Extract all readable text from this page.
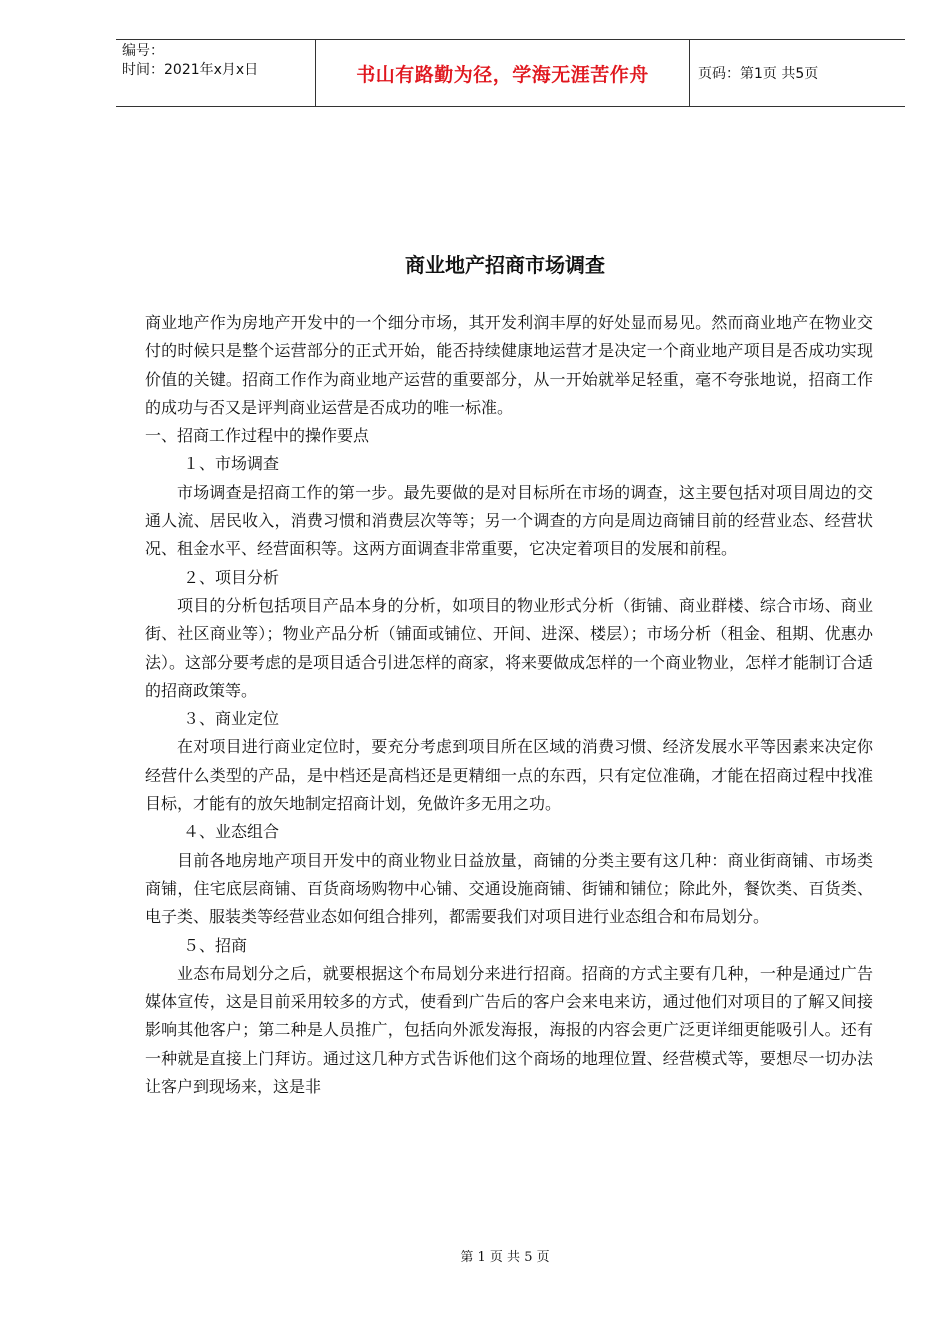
编号：
时间：2021年x月x日	书山有路勤为径，学海无涯苦作舟	页码：第1页 共5页
商业地产招商市场调查

商业地产作为房地产开发中的一个细分市场，其开发利润丰厚的好处显而易见。然而商业地产在物业交付的时候只是整个运营部分的正式开始，能否持续健康地运营才是决定一个商业地产项目是否成功实现价值的关键。招商工作作为商业地产运营的重要部分，从一开始就举足轻重，毫不夸张地说，招商工作的成功与否又是评判商业运营是否成功的唯一标准。

一、招商工作过程中的操作要点

１、市场调查

市场调查是招商工作的第一步。最先要做的是对目标所在市场的调查，这主要包括对项目周边的交通人流、居民收入，消费习惯和消费层次等等；另一个调查的方向是周边商铺目前的经营业态、经营状况、租金水平、经营面积等。这两方面调查非常重要，它决定着项目的发展和前程。

２、项目分析

项目的分析包括项目产品本身的分析，如项目的物业形式分析（街铺、商业群楼、综合市场、商业街、社区商业等）；物业产品分析（铺面或铺位、开间、进深、楼层）；市场分析（租金、租期、优惠办法）。这部分要考虑的是项目适合引进怎样的商家，将来要做成怎样的一个商业物业，怎样才能制订合适的招商政策等。

３、商业定位

在对项目进行商业定位时，要充分考虑到项目所在区域的消费习惯、经济发展水平等因素来决定你经营什么类型的产品，是中档还是高档还是更精细一点的东西，只有定位准确，才能在招商过程中找准目标，才能有的放矢地制定招商计划，免做许多无用之功。

４、业态组合

目前各地房地产项目开发中的商业物业日益放量，商铺的分类主要有这几种：商业街商铺、市场类商铺，住宅底层商铺、百货商场购物中心铺、交通设施商铺、街铺和铺位；除此外，餐饮类、百货类、电子类、服装类等经营业态如何组合排列，都需要我们对项目进行业态组合和布局划分。

５、招商

业态布局划分之后，就要根据这个布局划分来进行招商。招商的方式主要有几种，一种是通过广告媒体宣传，这是目前采用较多的方式，使看到广告后的客户会来电来访，通过他们对项目的了解又间接影响其他客户；第二种是人员推广，包括向外派发海报，海报的内容会更广泛更详细更能吸引人。还有一种就是直接上门拜访。通过这几种方式告诉他们这个商场的地理位置、经营模式等，要想尽一切办法让客户到现场来，这是非

第 1 页 共 5 页
